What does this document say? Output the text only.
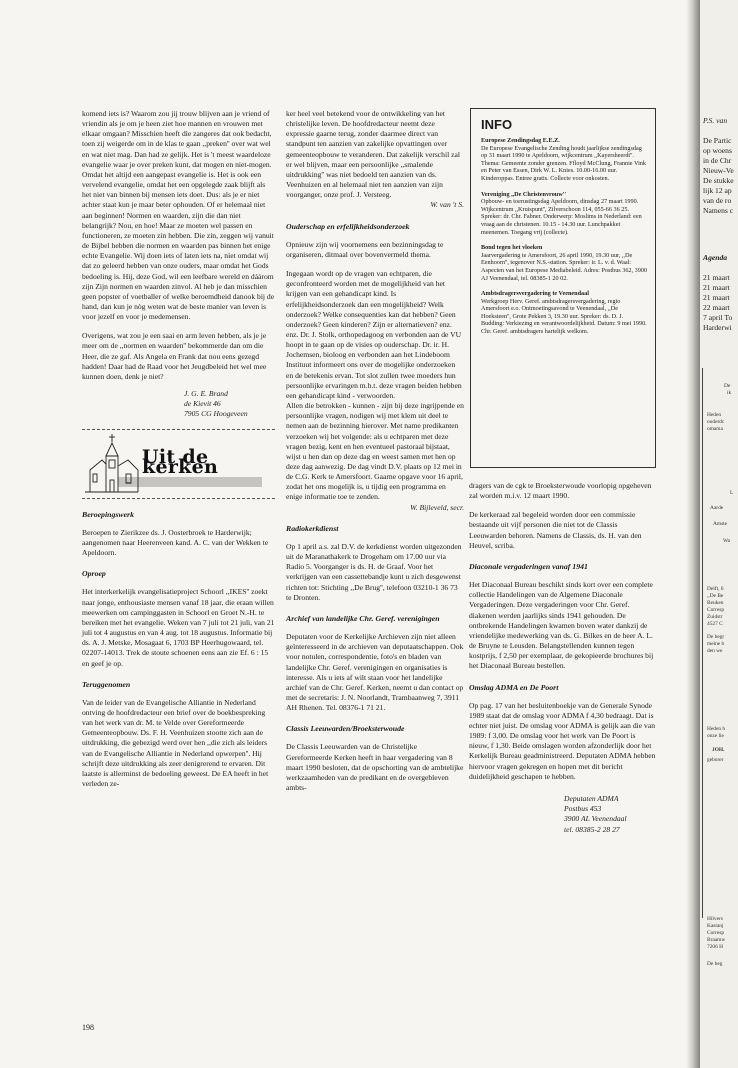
komend iets is? Waarom zou jij trouw blijven aan je vriend of vriendin als je om je heen ziet hoe mannen en vrouwen met elkaar omgaan? Misschien heeft die zangeres dat ook bedacht, toen zij weigerde om in de klas te gaan ,,preken'' over wat wel en wat niet mag. Dan had ze gelijk. Het is 't meest waardeloze evangelie waar je over preken kunt, dat mogen en niet-mogen. Omdat het altijd een aangepast evangelie is. Het is ook een vervelend evangelie, omdat het een opgelegde zaak blijft als het niet van binnen bij mensen iets doet. Dus: als je er niet achter staat kun je maar beter ophouden. Of er helemaal niet aan beginnen! Normen en waarden, zijn die dan niet belangrijk? Nou, en hoe! Maar ze moeten wel passen en functioneren, ze moeten zin hebben. Die zin, zeggen wij vanuit de Bijbel hebben die normen en waarden pas binnen het enige echte Evangelie. Wij doen iets of laten iets na, niet omdat wij dat zo geleerd hebben van onze ouders, maar omdat het Gods bedoeling is. Hij, deze God, wil een leefbare wereld en dáárom zijn Zijn normen en waarden zinvol. Al heb je dan misschien geen popster of voetballer of welke beroemdheid danook bij de hand, dan kun je nòg weten wat de beste manier van leven is voor jezelf en voor je medemensen.

Overigens, wat zou je een saai en arm leven hebben, als je je meer om de ,,normen en waarden'' bekommerde dan om die Heer, die ze gaf. Als Angela en Frank dat nou eens gezegd hadden! Daar had de Raad voor het Jeugdbeleid het wel mee kunnen doen, denk je niet?

J. G. E. Brand
de Kievit 46
7905 CG Hoogeveen
Uit de kerken
Beroepingswerk

Beroepen te Zierikzee ds. J. Oosterbroek te Harderwijk; aangenomen naar Heerenveen kand. A. C. van der Wekken te Apeldoorn.

Oproep

Het interkerkelijk evangelisatieproject Schoorl ,,IKES'' zoekt naar jonge, enthousiaste mensen vanaf 18 jaar, die eraan willen meewerken om campinggasten in Schoorl en Groet N.-H. te bereiken met het evangelie. Weken van 7 juli tot 21 juli, van 21 juli tot 4 augustus en van 4 aug. tot 18 augustus. Informatie bij ds. A. J. Metske, Mosagaat 6, 1703 BP Heerhugowaard, tel. 02207-14013. Trek de stoute schoenen eens aan zie Ef. 6 : 15 en geef je op.

Teruggenomen

Van de leider van de Evangelische Alliantie in Nederland ontving de hoofdredacteur een brief over de boekbespreking van het werk van dr. M. te Velde over Gereformeerde Gemeenteopbouw. Ds. F. H. Veenhuizen stootte zich aan de uitdrukking, die gebezigd werd over hen ,,die zich als leiders van de Evangelische Alliantie in Nederland opwerpen''. Hij schrijft deze uitdrukking als zeer denigrerend te ervaren. Dit laatste is allerminst de bedoeling geweest. De EA heeft in het verleden ze-

198

ker heel veel betekend voor de ontwikkeling van het christelijke leven. De hoofdredacteur neemt deze expressie gaarne terug, zonder daarmee direct van standpunt ten aanzien van zakelijke opvattingen over gemeenteopbouw te veranderen. Dat zakelijk verschil zal er wel blijven, maar een persoonlijke ,,smalende uitdrukking'' was niet bedoeld ten aanzien van ds. Veenhuizen en al helemaal niet ten aanzien van zijn voorganger, onze prof. J. Versteeg.

W. van 't S.
Ouderschap en erfelijkheidsonderzoek

Opnieuw zijn wij voornemens een bezinningsdag te organiseren, ditmaal over bovenvermeld thema.

Ingegaan wordt op de vragen van echtparen, die geconfronteerd worden met de mogelijkheid van het krijgen van een gehandicapt kind. Is erfelijkheidsonderzoek dan een mogelijkheid? Welk onderzoek? Welke consequenties kan dat hebben? Geen onderzoek? Geen kinderen? Zijn er alternatieven? enz. enz. Dr. J. Stolk, orthopedagoog en verbonden aan de VU hoopt in te gaan op de visies op ouderschap. Dr. ir. H. Jochemsen, bioloog en verbonden aan het Lindeboom Instituut informeert ons over de mogelijke onderzoeken en de betekenis ervan. Tot slot zullen twee moeders hun persoonlijke ervaringen m.b.t. deze vragen beiden hebben een gehandicapt kind - verwoorden.

Allen die betrokken - kunnen - zijn bij deze ingrijpende en persoonlijke vragen, nodigen wij met klem uit deel te nemen aan de bezinning hierover. Met name predikanten verzoeken wij het volgende: als u echtparen met deze vragen bezig, kent en hen eventueel pastoraal bijstaat, wijst u hen dan op deze dag en weest samen met hen op deze dag aanwezig. De dag vindt D.V. plaats op 12 mei in de C.G. Kerk te Amersfoort. Gaarne opgave voor 16 april, zodat het ons mogelijk is, u tijdig een programma en enige informatie toe te zenden.

W. Bijleveld, secr.
Radiokerkdienst

Op 1 april a.s. zal D.V. de kerkdienst worden uitgezonden uit de Maranathakerk te Drogeham om 17.00 uur via Radio 5. Voorganger is ds. H. de Graaf. Voor het verkrijgen van een cassettebandje kunt u zich desgewenst richten tot: Stichting ,,De Brug'', telefoon 03210-1 36 73 te Dronten.

Archief van landelijke Chr. Geref. verenigingen

Deputaten voor de Kerkelijke Archieven zijn niet alleen geïnteresseerd in de archieven van deputaatschappen. Ook voor notulen, correspondentie, foto's en bladen van landelijke Chr. Geref. verenigingen en organisaties is interesse. Als u iets af wilt staan voor het landelijke archief van de Chr. Geref. Kerken, neemt u dan contact op met de secretaris: J. N. Noorlandt, Trambaanweg 7, 3911 AH Rhenen. Tel. 08376-1 71 21.

Classis Leeuwarden/Broeksterwoude

De Classis Leeuwarden van de Christelijke Gereformeerde Kerken heeft in haar vergadering van 8 maart 1990 besloten, dat de opschorting van de ambtelijke werkzaamheden van de predikant en de overgebleven ambts-

INFO
Europese Zendingsdag E.E.Z.
De Europese Evangelische Zending houdt jaarlijkse zendingsdag op 31 maart 1990 te Apeldoorn, wijkcentrum ,,Kayersheerdt''. Thema: Gemeente zonder grenzen. Ffloyd McClung, Frannie Vink en Peter van Essen, Dirk W. L. Knies. 10.00-16.00 uur. Kinderoppas. Entree gratis. Collecte voor onkosten.
Vereniging ,,De Christenvrouw''
Opbouw- en toerustingsdag Apeldoorn, dinsdag 27 maart 1990. Wijkcentrum ,,Kruispunt'', Zilverschoon 114, 055-66 36 25. Spreker: dr. Chr. Fabner. Onderwerp: Moslims in Nederland: een vraag aan de christenen. 10.15 - 14.30 uur. Lunchpakket meenemen. Toegang vrij (collecte).
Bond tegen het vloeken
Jaarvergadering te Amersfoort, 26 april 1990, 19.30 uur, ,,De Eenhoorn'', tegenover N.S.-station. Spreker: ir. L. v. d. Waal: Aspecten van het Europese Mediabeleid. Adres: Postbus 362, 3900 AJ Veenendaal, tel. 08385-1 20 02.
Ambtsdragersvergadering te Veenendaal
Werkgroep Herv. Geref. ambtsdragersvergadering, regio Amersfoort e.o. Ontmoetingsavond te Veenendaal, ,,De Hoeksteen'', Grote Pekken 3, 19.30 uur. Spreker: ds. D. J. Budding: Verkiezing en verantwoordelijkheid. Datum: 9 mei 1990. Chr. Geref. ambtsdragers hartelijk welkom.

dragers van de cgk te Broeksterwoude voorlopig opgeheven zal worden m.i.v. 12 maart 1990.

De kerkeraad zal begeleid worden door een commissie bestaande uit vijf personen die niet tot de Classis Leeuwarden behoren. Namens de Classis, ds. H. van den Heuvel, scriba.

Diaconale vergaderingen vanaf 1941

Het Diaconaal Bureau beschikt sinds kort over een complete collectie Handelingen van de Algemene Diaconale Vergaderingen. Deze vergaderingen voor Chr. Geref. diakenen werden jaarlijks sinds 1941 gehouden. De ontbrekende Handelingen kwamen boven water dankzij de vriendelijke medewerking van ds. G. Bilkes en de heer A. L. de Bruyne te Leusden. Belangstellenden kunnen tegen kostprijs, f 2,50 per exemplaar, de gekopieerde brochures bij het Diaconaal Bureau bestellen.

Omslag ADMA en De Poort

Op pag. 17 van het besluitenboekje van de Generale Synode 1989 staat dat de omslag voor ADMA f 4,30 bedraagt. Dat is echter niet juist. De omslag voor ADMA is gelijk aan die van 1989: f 3,00. De omslag voor het werk van De Poort is nieuw, f 1,30. Beide omslagen worden afzonderlijk door het Kerkelijk Bureau geadministreerd. Deputaten ADMA hebben hiervoor vragen gekregen en hopen met dit bericht duidelijkheid geschapen te hebben.

Deputaten ADMA
Postbus 453
3900 AL Veenendaal
tel. 08385-2 28 27
P.S. van
De Partic
op woens
in de Chr
Nieuw-Ve
De stukke
lijk 12 ap
van de ro
Namens c
Agenda
21 maart
21 maart
21 maart
22 maart
7 april To
Harderwi
De
ik
Heden
ouderdc
omama
L
Aarde
Amste
Wa
Delft, 6
,,De Be
Beuken
Corresp
Zuidstr
4527 C
De begr
meine b
den we
Heden h
onze lie
JOH.
geborer
Hilvers
Kastanj
Corresp
Braamw
7206 H
De beg
